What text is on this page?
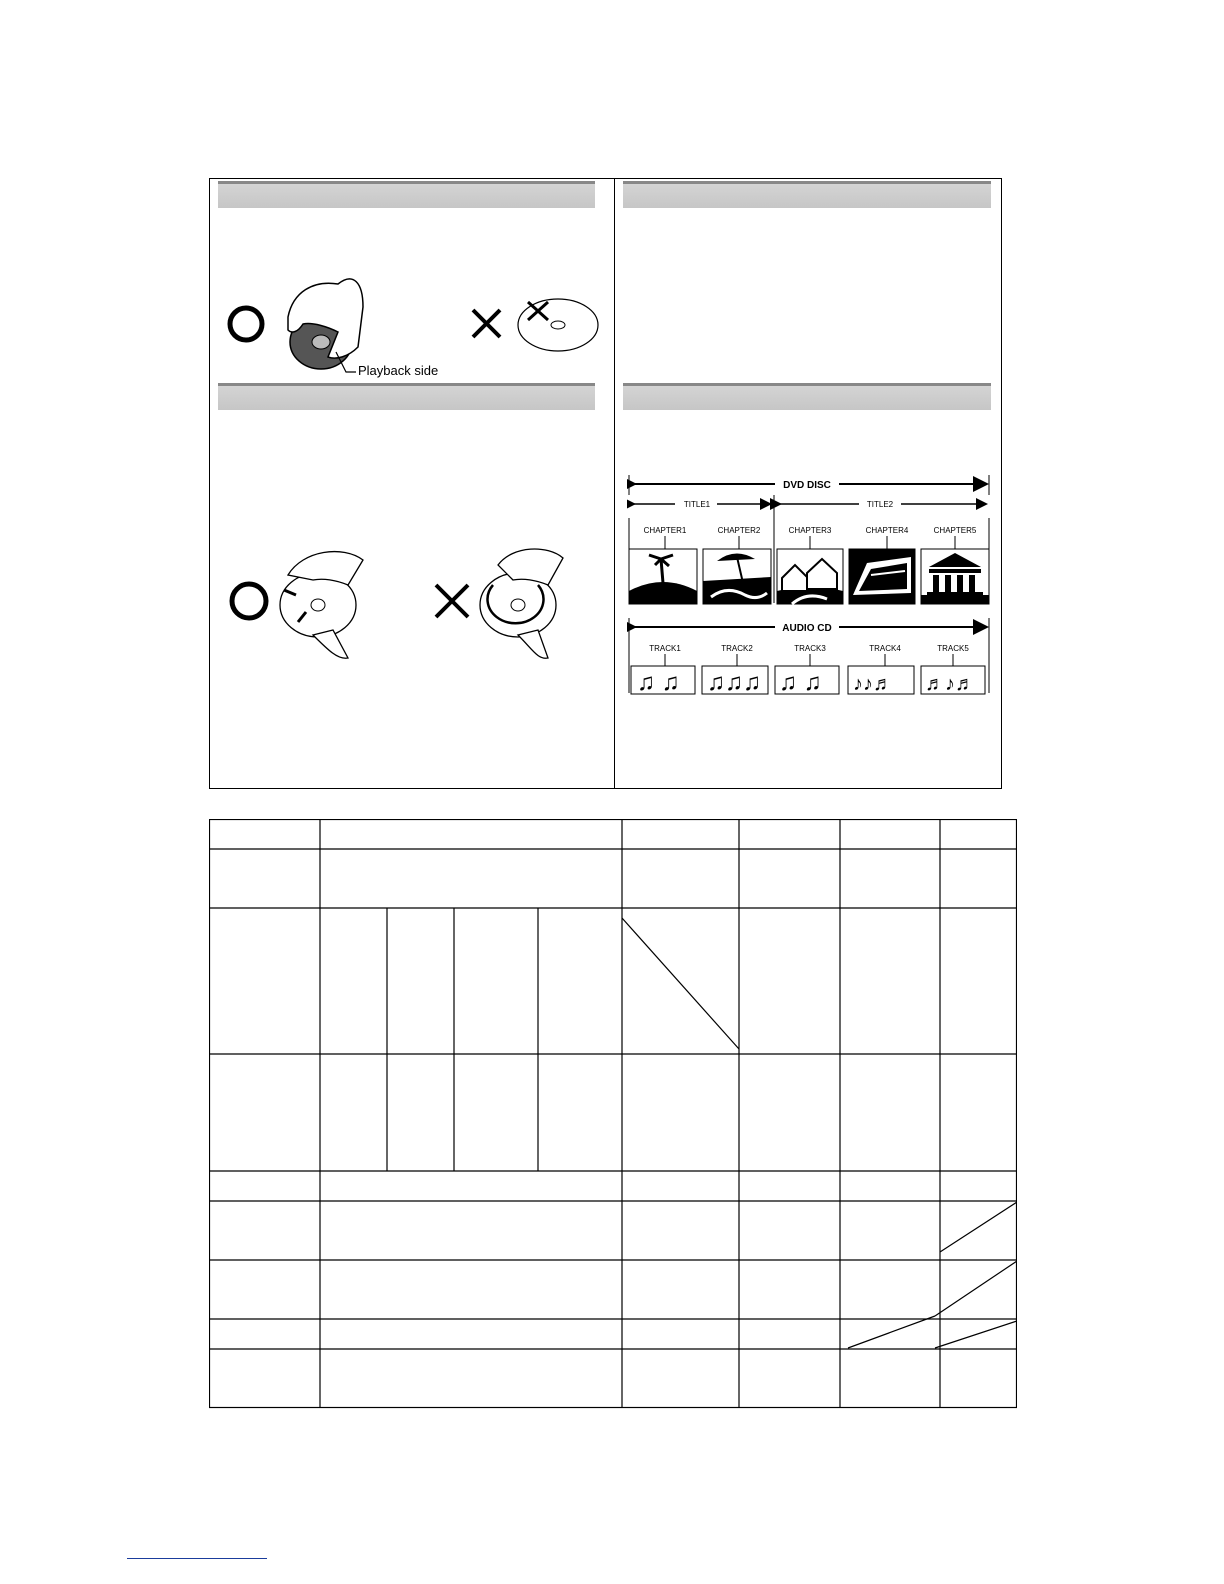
Playback side
DVD DISC
TITLE1	TITLE2
CHAPTER1	CHAPTER2	CHAPTER3	CHAPTER4	CHAPTER5
AUDIO CD
TRACK1	TRACK2	TRACK3	TRACK4	TRACK5
♫ ♫ ♫♫♫ ♫ ♫ ♪♪♬ ♬♪♬
